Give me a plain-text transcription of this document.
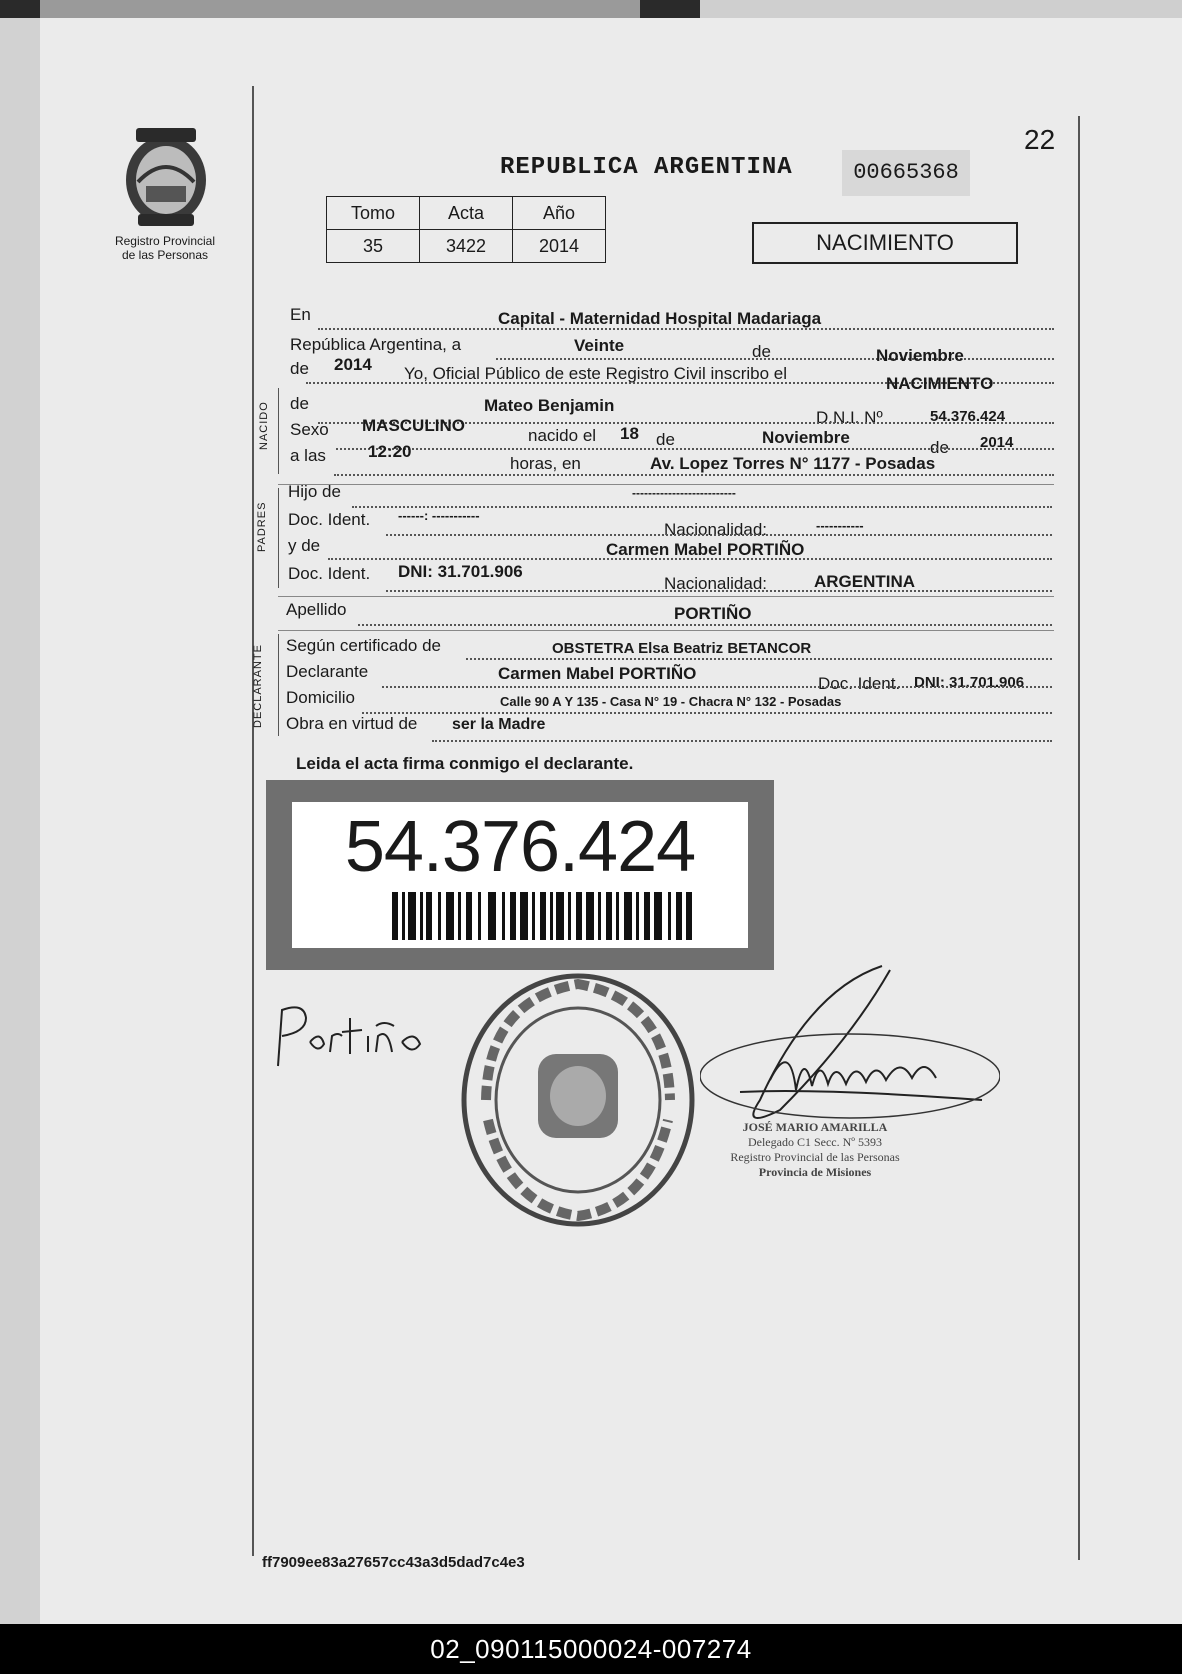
22
Registro Provincial
de las Personas
REPUBLICA ARGENTINA	00665368
Tomo	Acta	Año
35	3422	2014	NACIMIENTO
En	Capital - Maternidad Hospital Madariaga
República Argentina, a	Veinte	de	Noviembre
de 2014 Yo, Oficial Público de este Registro Civil inscribo el
NACIMIENTO
NACIDO de	Mateo Benjamin
D.N.I. Nº	54.376.424
Sexo MASCULINO
nacido el 18 de	Noviembre
de 2014
a las 12:20
horas, en	Av. Lopez Torres N° 1177 - Posadas
PADRES
Hijo de	--------------------------
Doc. Ident. ------: -----------
Nacionalidad:	-----------
y de	Carmen Mabel PORTIÑO
Doc. Ident. DNI: 31.701.906
Nacionalidad:	ARGENTINA
Apellido	PORTIÑO
DECLARANTE Según certificado de	OBSTETRA Elsa Beatriz BETANCOR
Declarante	Carmen Mabel PORTIÑO
Doc. Ident. DNI: 31.701.906
Domicilio	Calle 90 A Y 135 - Casa N° 19 - Chacra N° 132 - Posadas
Obra en virtud de ser la Madre
Leida el acta firma conmigo el declarante.
54.376.424
JOSÉ MARIO AMARILLA
Delegado C1 Secc. Nº 5393
Registro Provincial de las Personas
Provincia de Misiones
ff7909ee83a27657cc43a3d5dad7c4e3
02_090115000024-007274
